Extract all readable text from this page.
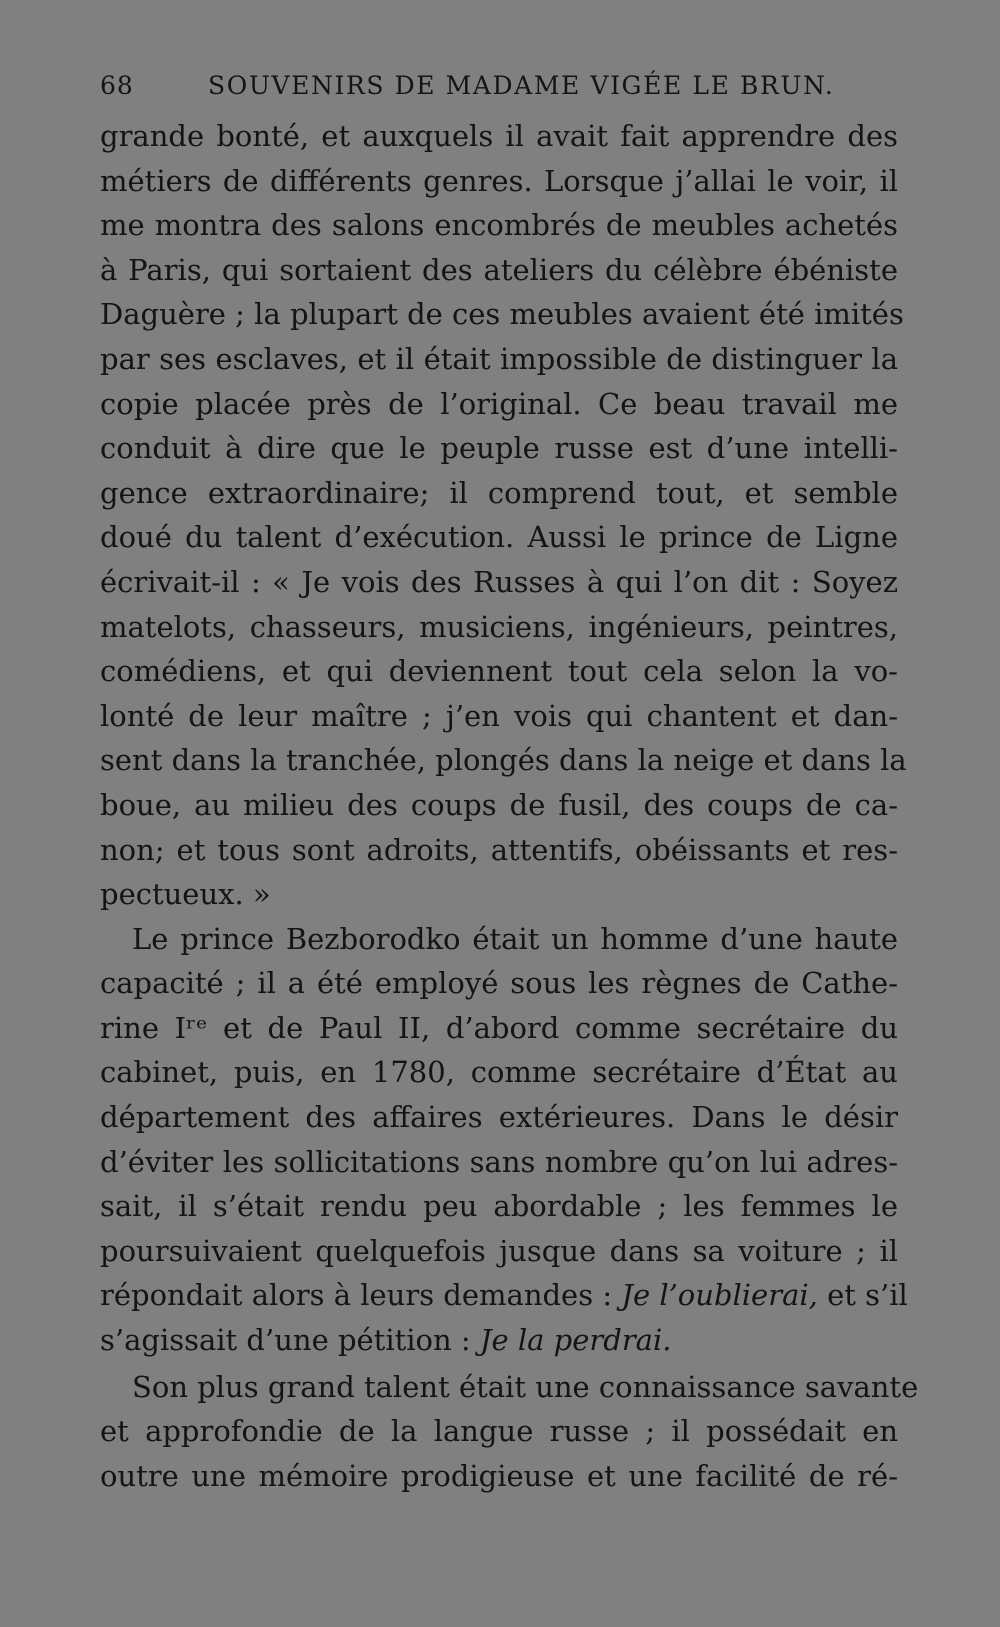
68	SOUVENIRS DE MADAME VIGÉE LE BRUN.
grande bonté, et auxquels il avait fait apprendre des
métiers de différents genres. Lorsque j’allai le voir, il
me montra des salons encombrés de meubles achetés
à Paris, qui sortaient des ateliers du célèbre ébéniste
Daguère ; la plupart de ces meubles avaient été imités
par ses esclaves, et il était impossible de distinguer la
copie placée près de l’original. Ce beau travail me
conduit à dire que le peuple russe est d’une intelli-
gence extraordinaire; il comprend tout, et semble
doué du talent d’exécution. Aussi le prince de Ligne
écrivait-il : « Je vois des Russes à qui l’on dit : Soyez
matelots, chasseurs, musiciens, ingénieurs, peintres,
comédiens, et qui deviennent tout cela selon la vo-
lonté de leur maître ; j’en vois qui chantent et dan-
sent dans la tranchée, plongés dans la neige et dans la
boue, au milieu des coups de fusil, des coups de ca-
non; et tous sont adroits, attentifs, obéissants et res-
pectueux. »
Le prince Bezborodko était un homme d’une haute
capacité ; il a été employé sous les règnes de Cathe-
rine Iʳᵉ et de Paul II, d’abord comme secrétaire du
cabinet, puis, en 1780, comme secrétaire d’État au
département des affaires extérieures. Dans le désir
d’éviter les sollicitations sans nombre qu’on lui adres-
sait, il s’était rendu peu abordable ; les femmes le
poursuivaient quelquefois jusque dans sa voiture ; il
répondait alors à leurs demandes : Je l’oublierai, et s’il
s’agissait d’une pétition : Je la perdrai.
Son plus grand talent était une connaissance savante
et approfondie de la langue russe ; il possédait en
outre une mémoire prodigieuse et une facilité de ré-
